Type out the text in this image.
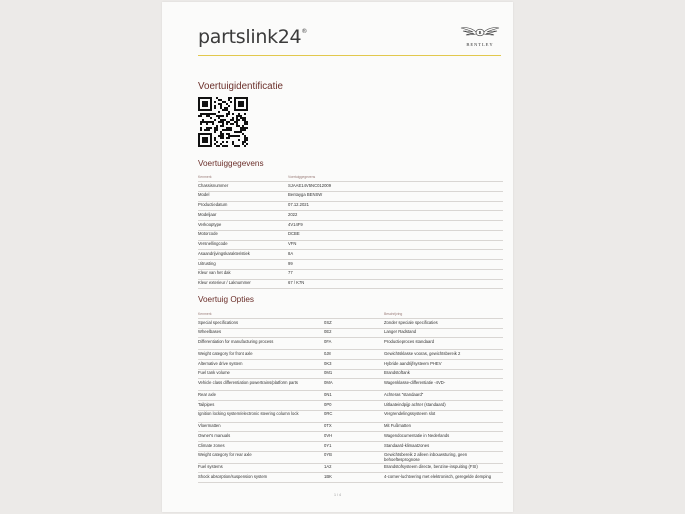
partslink24®	B
BENTLEY
Voertuigidentificatie
Voertuiggegevens
Kenmerk	Voertuiggegevens
Chassisnummer	SJAAE14V5NC012009
Model	Bentayga BENSW
Productiedatum	07.12.2021
Modeljaar	2022
Verkooptype	4V14F9
Motorcode	DCBE
Versnellingcode	VFN
Asaandrijvingskarakteristiek	8A
Uitrusting	99
Kleur van het dak	77
Kleur exterieur / Laknummer	67 / K7N
Voertuig Opties
Kenmerk	Beschrijving
Special specifications	0SZ	Zonder speciale specificaties
Wheelbases	0E2	Langer Radstand
Differentiation for manufacturing process	0FA	Productieproces standaard
Weight category for front axle	0J8	Gewichtsklasse vooras, gewichtsbereik 2
Alternative drive system	0K3	Hybride aandrijfsysteem PHEV
Fuel tank volume	0M1	Brandstoftank
Vehicle class differentiation powertrains/platform parts	0MA	Wagenklasse-differentiatie -4VD-
Rear axle	0N1	Achteras "standaard"
Tailpipes	0P0	Uitlaateindpijp achter (standaard)
Ignition locking system/electronic steering column lock	0RC	Vergrendelingssysteem slot
Vloermatten	0TX	Mit Fußmatten
Owner's manuals	0VH	Wagendocumentatie in Nederlands
Climate zones	0Y1	Standaard-klimaatzones
Weight category for rear axle	0YB	Gewichtsbereik 2 alleen inbouwsturing, geen behoeftesprognose
Fuel systems	1A2	Brandstofsysteem directe, benzine-inspuiting (FSI)
Shock absorption/suspension system	1BK	4-corner-luchtvering met elektronisch, geregelde demping
1 / 4
